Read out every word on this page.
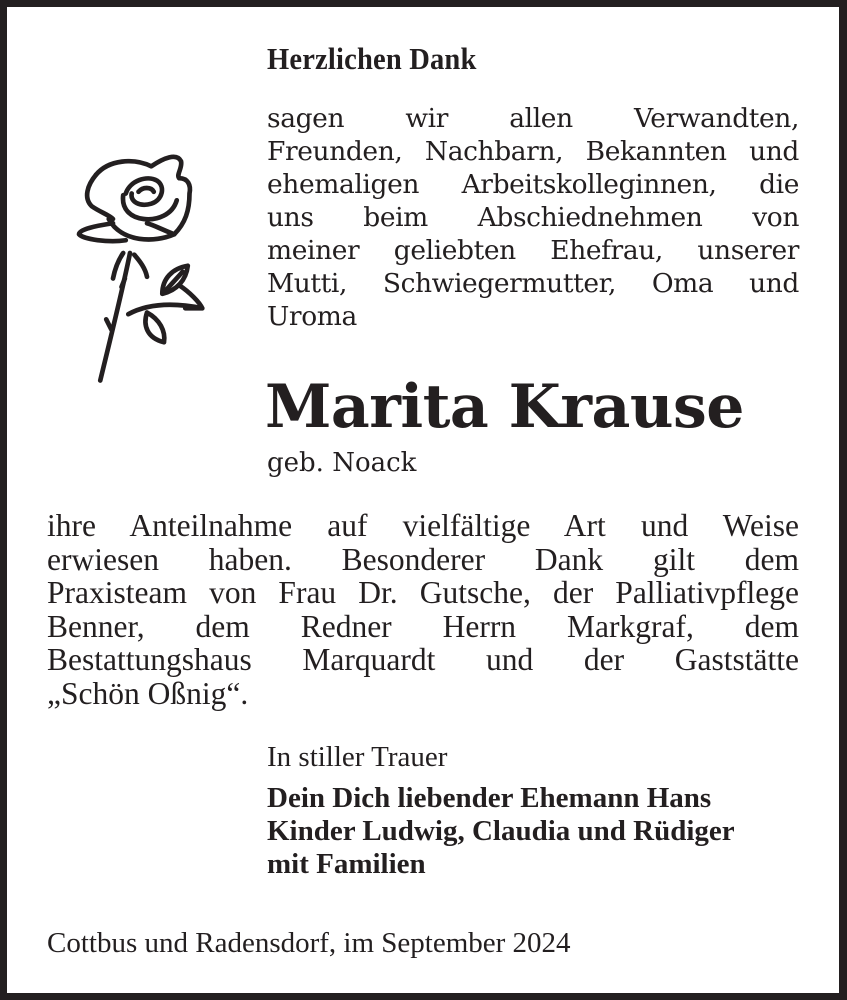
Herzlichen Dank
sagen wir allen Verwandten,
Freunden, Nachbarn, Bekannten und
ehemaligen Arbeitskolleginnen, die
uns beim Abschiednehmen von
meiner geliebten Ehefrau, unserer
Mutti, Schwiegermutter, Oma und
Uroma
Marita Krause
geb. Noack
ihre Anteilnahme auf vielfältige Art und Weise
erwiesen haben. Besonderer Dank gilt dem
Praxisteam von Frau Dr. Gutsche, der Palliativpflege
Benner, dem Redner Herrn Markgraf, dem
Bestattungshaus Marquardt und der Gaststätte
„Schön Oßnig“.
In stiller Trauer
Dein Dich liebender Ehemann Hans
Kinder Ludwig, Claudia und Rüdiger
mit Familien
Cottbus und Radensdorf, im September 2024
